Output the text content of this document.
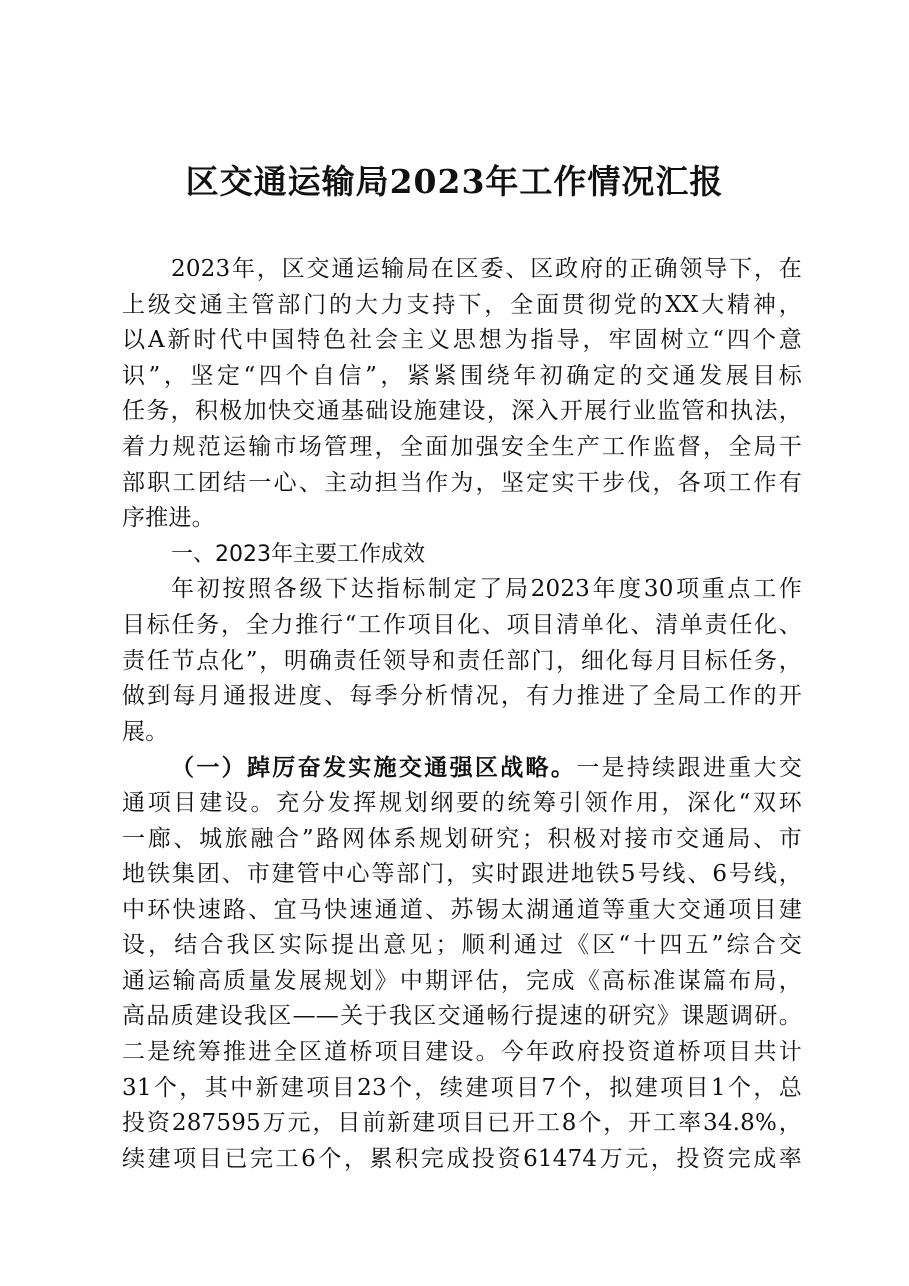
区交通运输局2023年工作情况汇报
2023年，区交通运输局在区委、区政府的正确领导下，在
上级交通主管部门的大力支持下，全面贯彻党的XX大精神，
以A新时代中国特色社会主义思想为指导，牢固树立“四个意
识”，坚定“四个自信”，紧紧围绕年初确定的交通发展目标
任务，积极加快交通基础设施建设，深入开展行业监管和执法，
着力规范运输市场管理，全面加强安全生产工作监督，全局干
部职工团结一心、主动担当作为，坚定实干步伐，各项工作有
序推进。
一、2023年主要工作成效
年初按照各级下达指标制定了局2023年度30项重点工作
目标任务，全力推行“工作项目化、项目清单化、清单责任化、
责任节点化”，明确责任领导和责任部门，细化每月目标任务，
做到每月通报进度、每季分析情况，有力推进了全局工作的开
展。
（一）踔厉奋发实施交通强区战略。一是持续跟进重大交
通项目建设。充分发挥规划纲要的统筹引领作用，深化“双环
一廊、城旅融合”路网体系规划研究；积极对接市交通局、市
地铁集团、市建管中心等部门，实时跟进地铁5号线、6号线，
中环快速路、宜马快速通道、苏锡太湖通道等重大交通项目建
设，结合我区实际提出意见；顺利通过《区“十四五”综合交
通运输高质量发展规划》中期评估，完成《高标准谋篇布局，
高品质建设我区——关于我区交通畅行提速的研究》课题调研。
二是统筹推进全区道桥项目建设。今年政府投资道桥项目共计
31个，其中新建项目23个，续建项目7个，拟建项目1个，总
投资287595万元，目前新建项目已开工8个，开工率34.8%，
续建项目已完工6个，累积完成投资61474万元，投资完成率
